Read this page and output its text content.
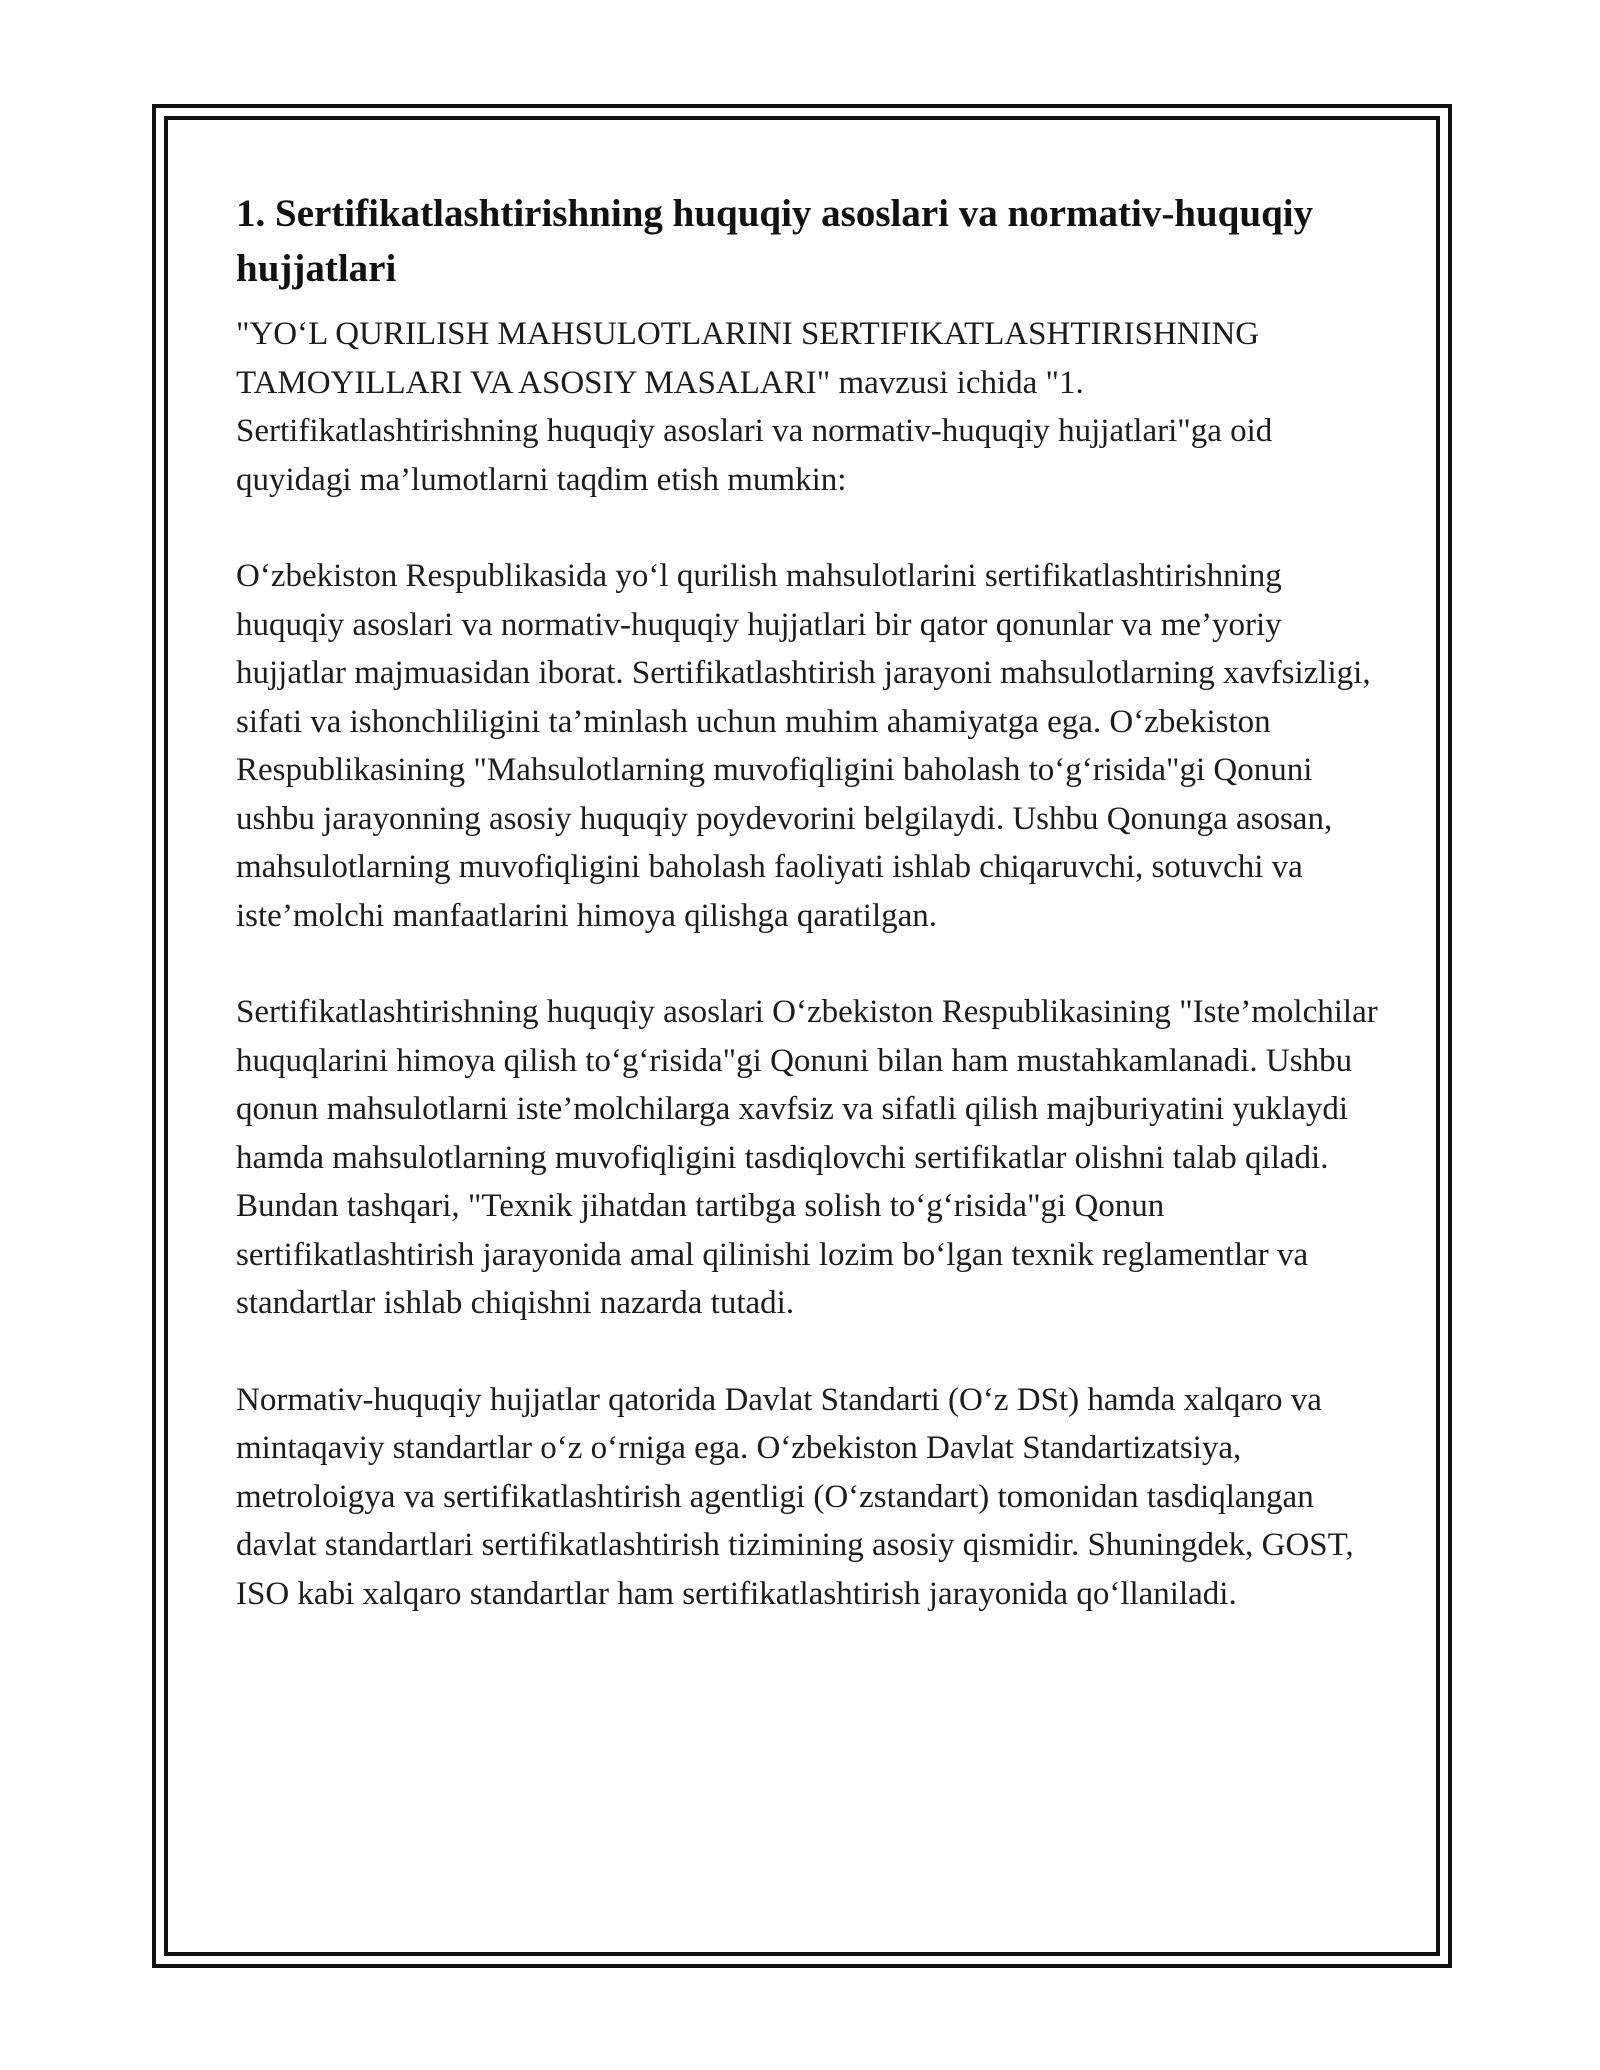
1. Sertifikatlashtirishning huquqiy asoslari va normativ-huquqiy hujjatlari

"YO‘L QURILISH MAHSULOTLARINI SERTIFIKATLASHTIRISHNING TAMOYILLARI VA ASOSIY MASALARI" mavzusi ichida "1. Sertifikatlashtirishning huquqiy asoslari va normativ-huquqiy hujjatlari"ga oid quyidagi ma’lumotlarni taqdim etish mumkin:

O‘zbekiston Respublikasida yo‘l qurilish mahsulotlarini sertifikatlashtirishning huquqiy asoslari va normativ-huquqiy hujjatlari bir qator qonunlar va me’yoriy hujjatlar majmuasidan iborat. Sertifikatlashtirish jarayoni mahsulotlarning xavfsizligi, sifati va ishonchliligini ta’minlash uchun muhim ahamiyatga ega. O‘zbekiston Respublikasining "Mahsulotlarning muvofiqligini baholash to‘g‘risida"gi Qonuni ushbu jarayonning asosiy huquqiy poydevorini belgilaydi. Ushbu Qonunga asosan, mahsulotlarning muvofiqligini baholash faoliyati ishlab chiqaruvchi, sotuvchi va iste’molchi manfaatlarini himoya qilishga qaratilgan.

Sertifikatlashtirishning huquqiy asoslari O‘zbekiston Respublikasining "Iste’molchilar huquqlarini himoya qilish to‘g‘risida"gi Qonuni bilan ham mustahkamlanadi. Ushbu qonun mahsulotlarni iste’molchilarga xavfsiz va sifatli qilish majburiyatini yuklaydi hamda mahsulotlarning muvofiqligini tasdiqlovchi sertifikatlar olishni talab qiladi. Bundan tashqari, "Texnik jihatdan tartibga solish to‘g‘risida"gi Qonun sertifikatlashtirish jarayonida amal qilinishi lozim bo‘lgan texnik reglamentlar va standartlar ishlab chiqishni nazarda tutadi.

Normativ-huquqiy hujjatlar qatorida Davlat Standarti (O‘z DSt) hamda xalqaro va mintaqaviy standartlar o‘z o‘rniga ega. O‘zbekiston Davlat Standartizatsiya, metroloigya va sertifikatlashtirish agentligi (O‘zstandart) tomonidan tasdiqlangan davlat standartlari sertifikatlashtirish tizimining asosiy qismidir. Shuningdek, GOST, ISO kabi xalqaro standartlar ham sertifikatlashtirish jarayonida qo‘llaniladi.
